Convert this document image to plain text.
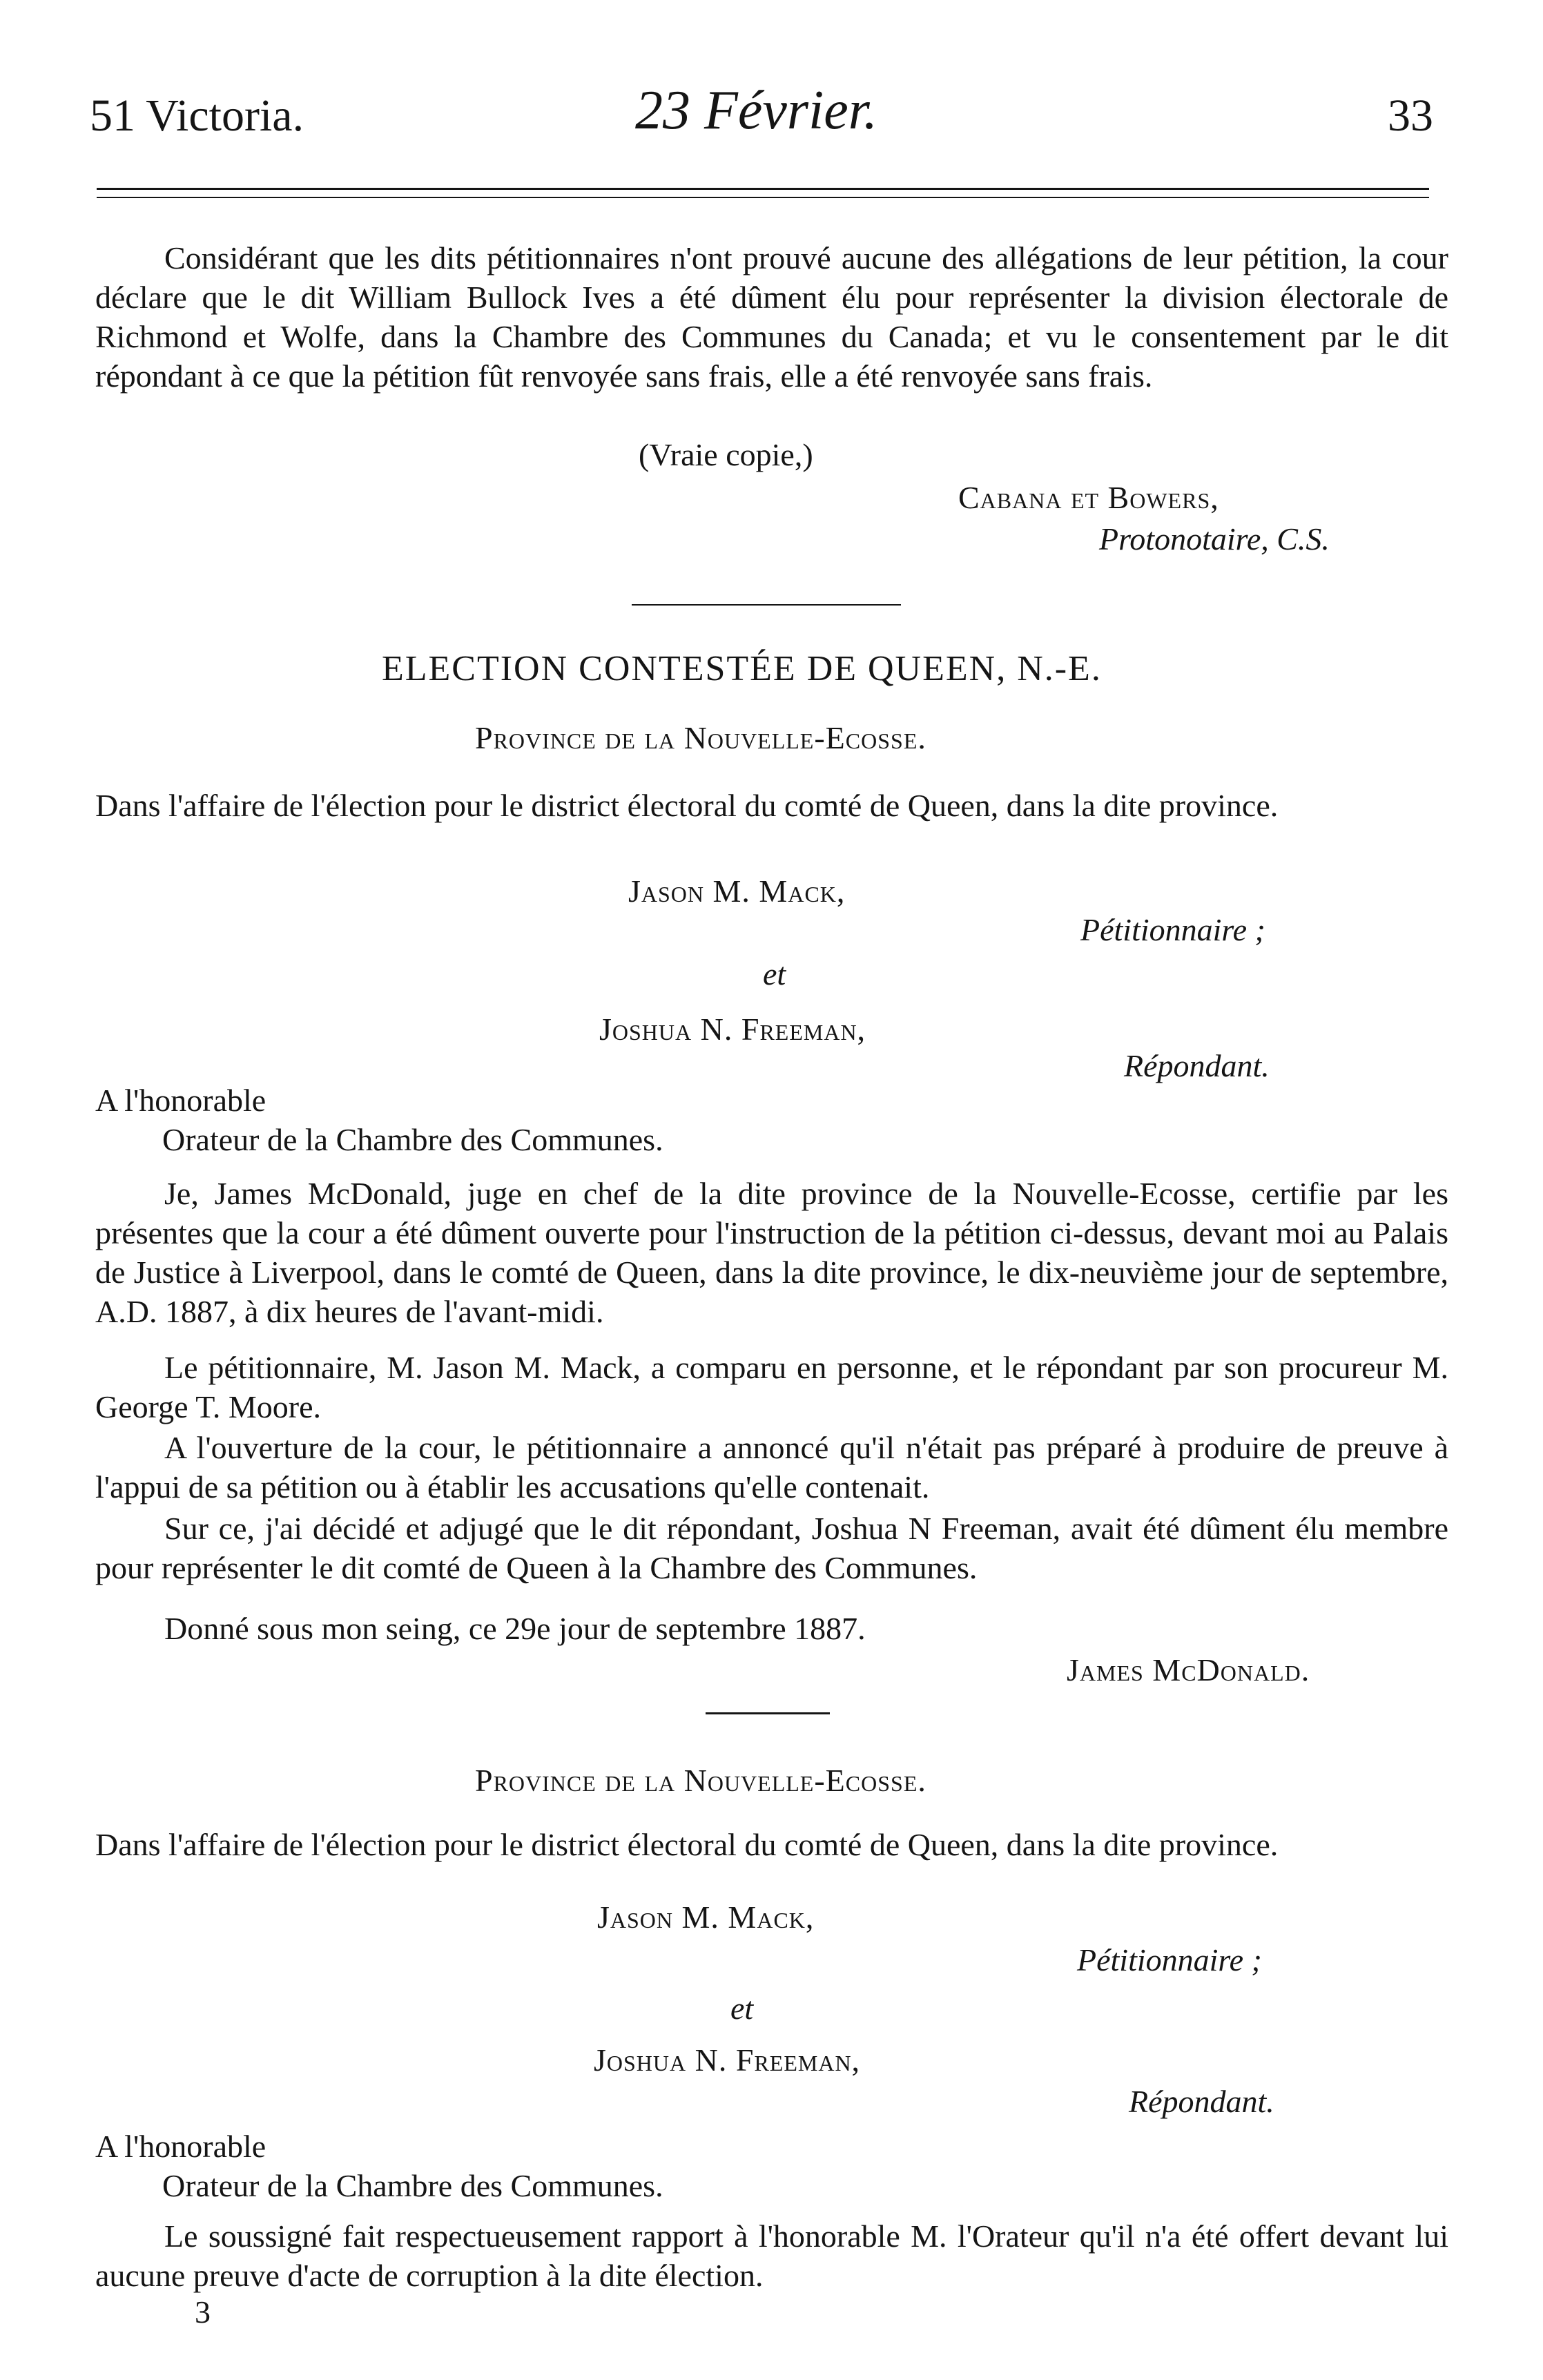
51 Victoria.	23 Février.	33
Considérant que les dits pétitionnaires n'ont prouvé aucune des allégations de leur pétition, la cour déclare que le dit William Bullock Ives a été dûment élu pour représenter la division électorale de Richmond et Wolfe, dans la Chambre des Communes du Canada; et vu le consentement par le dit répondant à ce que la pétition fût renvoyée sans frais, elle a été renvoyée sans frais.
(Vraie copie,)
Cabana et Bowers,
Protonotaire, C.S.
ELECTION CONTESTÉE DE QUEEN, N.-E.
Province de la Nouvelle-Ecosse.
Dans l'affaire de l'élection pour le district électoral du comté de Queen, dans la dite province.
Jason M. Mack,
Pétitionnaire ;
et
Joshua N. Freeman,
Répondant.
A l'honorable
Orateur de la Chambre des Communes.
Je, James McDonald, juge en chef de la dite province de la Nouvelle-Ecosse, certifie par les présentes que la cour a été dûment ouverte pour l'instruction de la pétition ci-dessus, devant moi au Palais de Justice à Liverpool, dans le comté de Queen, dans la dite province, le dix-neuvième jour de septembre, A.D. 1887, à dix heures de l'avant-midi.
Le pétitionnaire, M. Jason M. Mack, a comparu en personne, et le répondant par son procureur M. George T. Moore.
A l'ouverture de la cour, le pétitionnaire a annoncé qu'il n'était pas préparé à produire de preuve à l'appui de sa pétition ou à établir les accusations qu'elle contenait.
Sur ce, j'ai décidé et adjugé que le dit répondant, Joshua N Freeman, avait été dûment élu membre pour représenter le dit comté de Queen à la Chambre des Communes.
Donné sous mon seing, ce 29e jour de septembre 1887.
James McDonald.
Province de la Nouvelle-Ecosse.
Dans l'affaire de l'élection pour le district électoral du comté de Queen, dans la dite province.
Jason M. Mack,
Pétitionnaire ;
et
Joshua N. Freeman,
Répondant.
A l'honorable
Orateur de la Chambre des Communes.
Le soussigné fait respectueusement rapport à l'honorable M. l'Orateur qu'il n'a été offert devant lui aucune preuve d'acte de corruption à la dite élection.
3
